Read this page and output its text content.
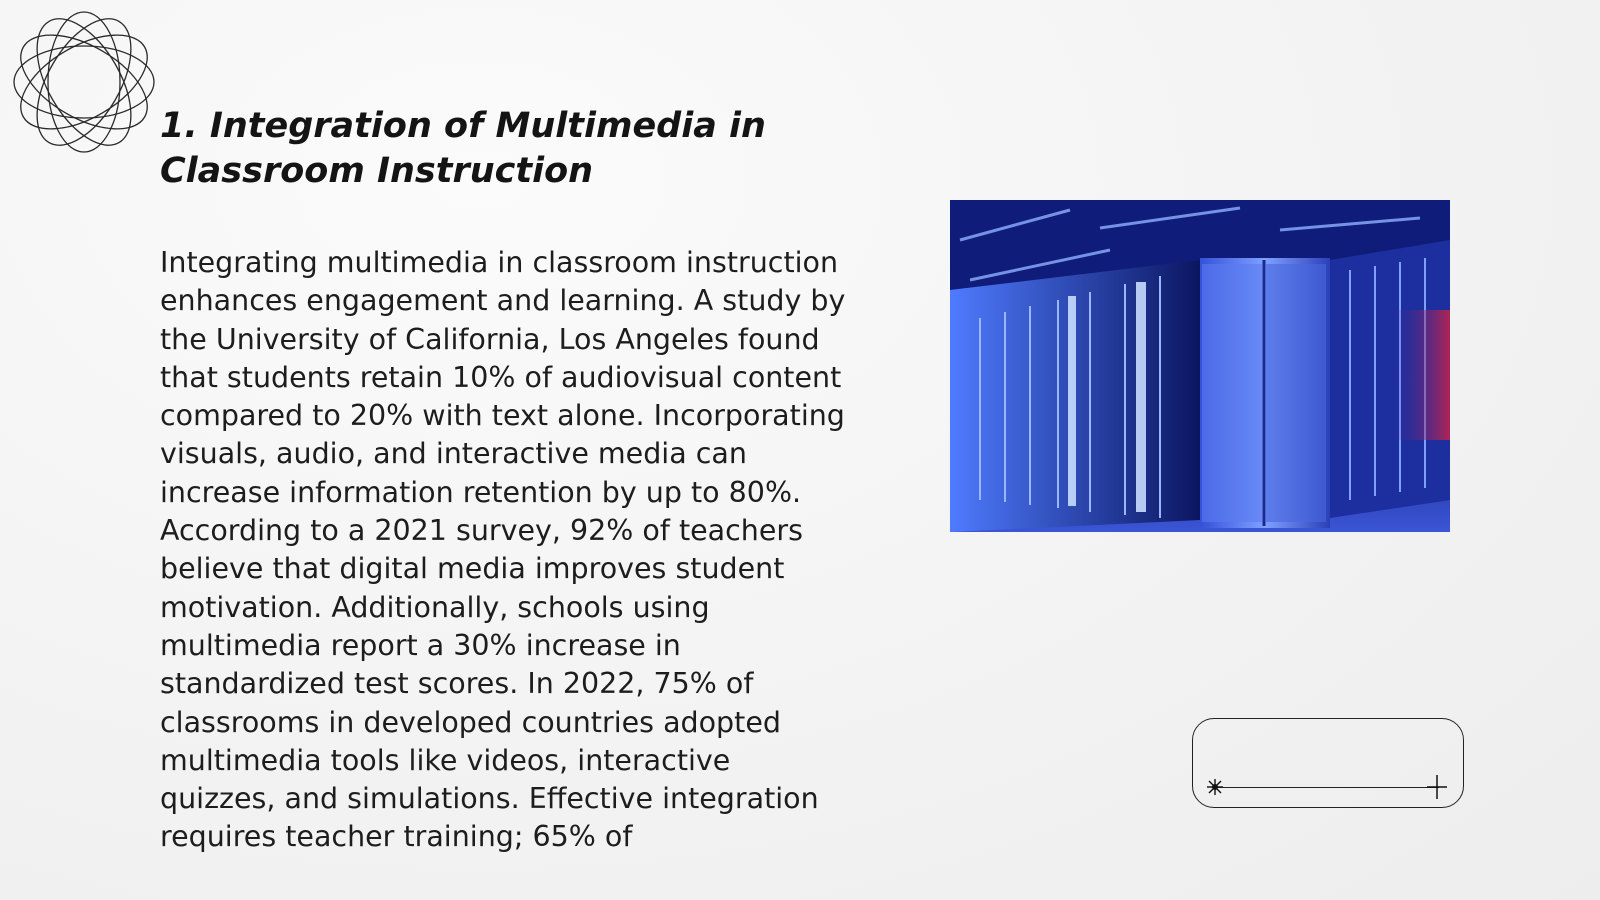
1. Integration of Multimedia in Classroom Instruction

Integrating multimedia in classroom instruction enhances engagement and learning. A study by the University of California, Los Angeles found that students retain 10% of audiovisual content compared to 20% with text alone. Incorporating visuals, audio, and interactive media can increase information retention by up to 80%. According to a 2021 survey, 92% of teachers believe that digital media improves student motivation. Additionally, schools using multimedia report a 30% increase in standardized test scores. In 2022, 75% of classrooms in developed countries adopted multimedia tools like videos, interactive quizzes, and simulations. Effective integration requires teacher training; 65% of
